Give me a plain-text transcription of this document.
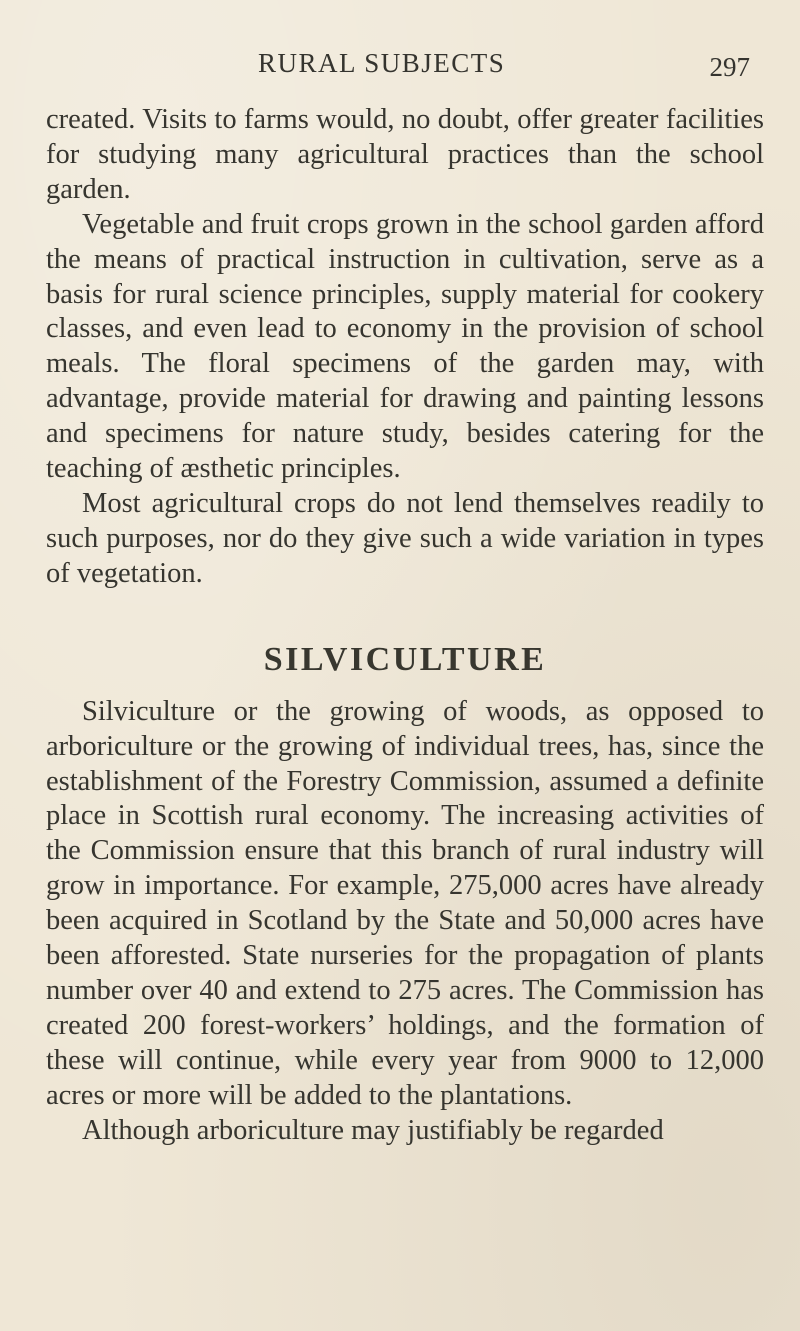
RURAL SUBJECTS	297

created. Visits to farms would, no doubt, offer greater facilities for studying many agricultural practices than the school garden.

Vegetable and fruit crops grown in the school garden afford the means of practical instruction in cultivation, serve as a basis for rural science principles, supply material for cookery classes, and even lead to economy in the provision of school meals. The floral specimens of the garden may, with advantage, provide material for drawing and painting lessons and specimens for nature study, besides catering for the teaching of æsthetic principles.

Most agricultural crops do not lend themselves readily to such purposes, nor do they give such a wide variation in types of vegetation.

SILVICULTURE

Silviculture or the growing of woods, as opposed to arboriculture or the growing of individual trees, has, since the establishment of the Forestry Commission, assumed a definite place in Scottish rural economy. The increasing activities of the Commission ensure that this branch of rural industry will grow in importance. For example, 275,000 acres have already been acquired in Scotland by the State and 50,000 acres have been afforested. State nurseries for the propagation of plants number over 40 and extend to 275 acres. The Commission has created 200 forest-workers’ holdings, and the formation of these will continue, while every year from 9000 to 12,000 acres or more will be added to the plantations.

Although arboriculture may justifiably be regarded
